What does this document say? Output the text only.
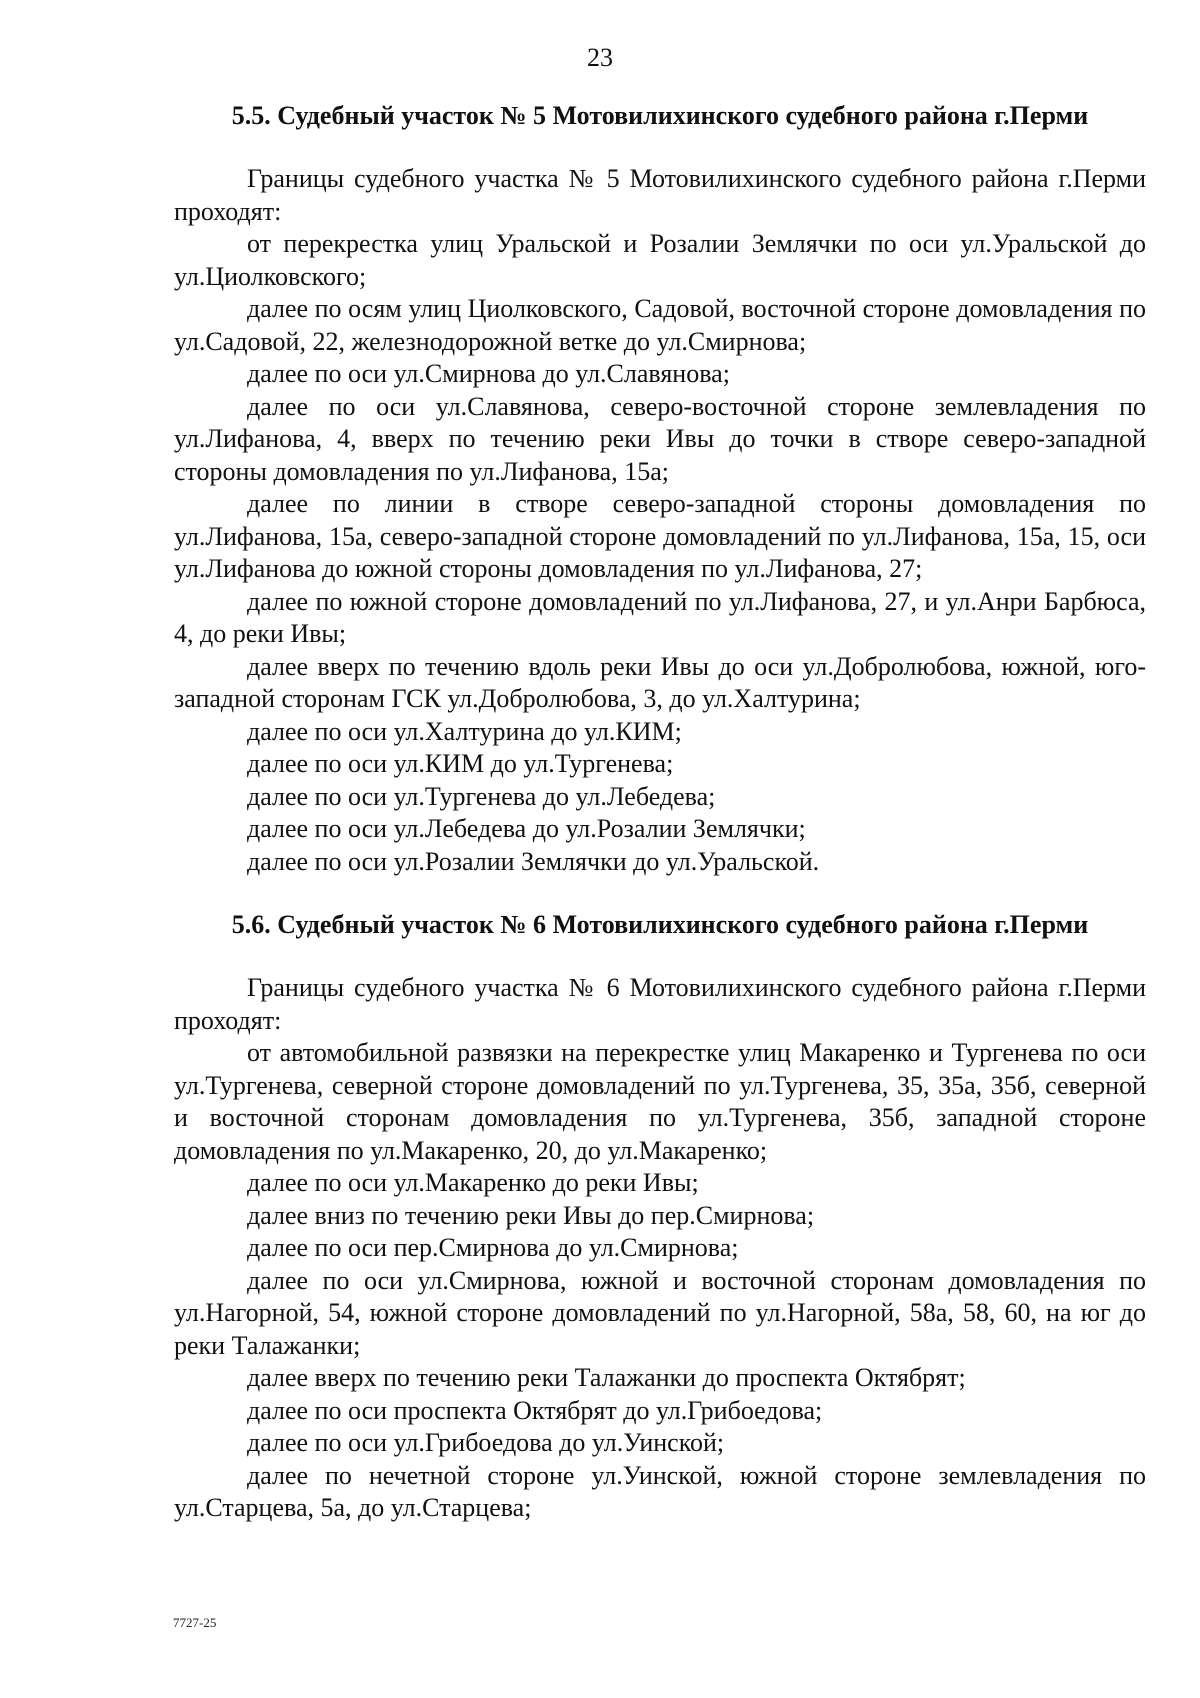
23

5.5. Судебный участок № 5 Мотовилихинского судебного района г.Перми

Границы судебного участка № 5 Мотовилихинского судебного района г.Перми проходят:

от перекрестка улиц Уральской и Розалии Землячки по оси ул.Уральской до ул.Циолковского;

далее по осям улиц Циолковского, Садовой, восточной стороне домовладения по ул.Садовой, 22, железнодорожной ветке до ул.Смирнова;

далее по оси ул.Смирнова до ул.Славянова;

далее по оси ул.Славянова, северо-восточной стороне землевладения по ул.Лифанова, 4, вверх по течению реки Ивы до точки в створе северо-западной стороны домовладения по ул.Лифанова, 15а;

далее по линии в створе северо-западной стороны домовладения по ул.Лифанова, 15а, северо-западной стороне домовладений по ул.Лифанова, 15а, 15, оси ул.Лифанова до южной стороны домовладения по ул.Лифанова, 27;

далее по южной стороне домовладений по ул.Лифанова, 27, и ул.Анри Барбюса, 4, до реки Ивы;

далее вверх по течению вдоль реки Ивы до оси ул.Добролюбова, южной, юго-западной сторонам ГСК ул.Добролюбова, 3, до ул.Халтурина;

далее по оси ул.Халтурина до ул.КИМ;

далее по оси ул.КИМ до ул.Тургенева;

далее по оси ул.Тургенева до ул.Лебедева;

далее по оси ул.Лебедева до ул.Розалии Землячки;

далее по оси ул.Розалии Землячки до ул.Уральской.

5.6. Судебный участок № 6 Мотовилихинского судебного района г.Перми

Границы судебного участка № 6 Мотовилихинского судебного района г.Перми проходят:

от автомобильной развязки на перекрестке улиц Макаренко и Тургенева по оси ул.Тургенева, северной стороне домовладений по ул.Тургенева, 35, 35а, 35б, северной и восточной сторонам домовладения по ул.Тургенева, 35б, западной стороне домовладения по ул.Макаренко, 20, до ул.Макаренко;

далее по оси ул.Макаренко до реки Ивы;

далее вниз по течению реки Ивы до пер.Смирнова;

далее по оси пер.Смирнова до ул.Смирнова;

далее по оси ул.Смирнова, южной и восточной сторонам домовладения по ул.Нагорной, 54, южной стороне домовладений по ул.Нагорной, 58а, 58, 60, на юг до реки Талажанки;

далее вверх по течению реки Талажанки до проспекта Октябрят;

далее по оси проспекта Октябрят до ул.Грибоедова;

далее по оси ул.Грибоедова до ул.Уинской;

далее по нечетной стороне ул.Уинской, южной стороне землевладения по ул.Старцева, 5а, до ул.Старцева;

7727-25
